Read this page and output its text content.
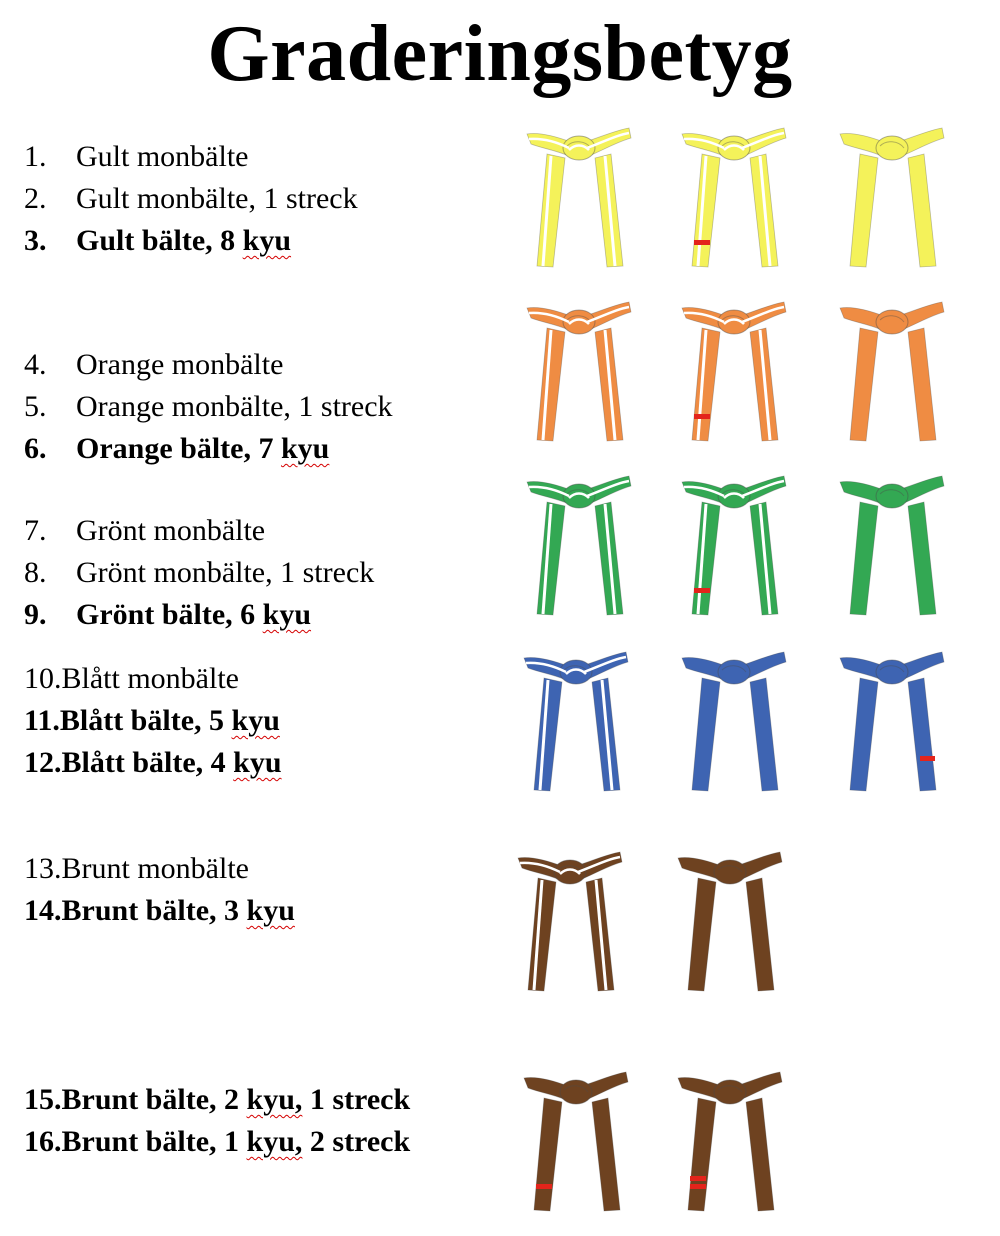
Graderingsbetyg
1. Gult monbälte
2. Gult monbälte, 1 streck
3. Gult bälte, 8 kyu
4. Orange monbälte
5. Orange monbälte, 1 streck
6. Orange bälte, 7 kyu
7. Grönt monbälte
8. Grönt monbälte, 1 streck
9. Grönt bälte, 6 kyu
10.Blått monbälte
11.Blått bälte, 5 kyu
12.Blått bälte, 4 kyu
13.Brunt monbälte
14.Brunt bälte, 3 kyu
15.Brunt bälte, 2 kyu, 1 streck
16.Brunt bälte, 1 kyu, 2 streck
